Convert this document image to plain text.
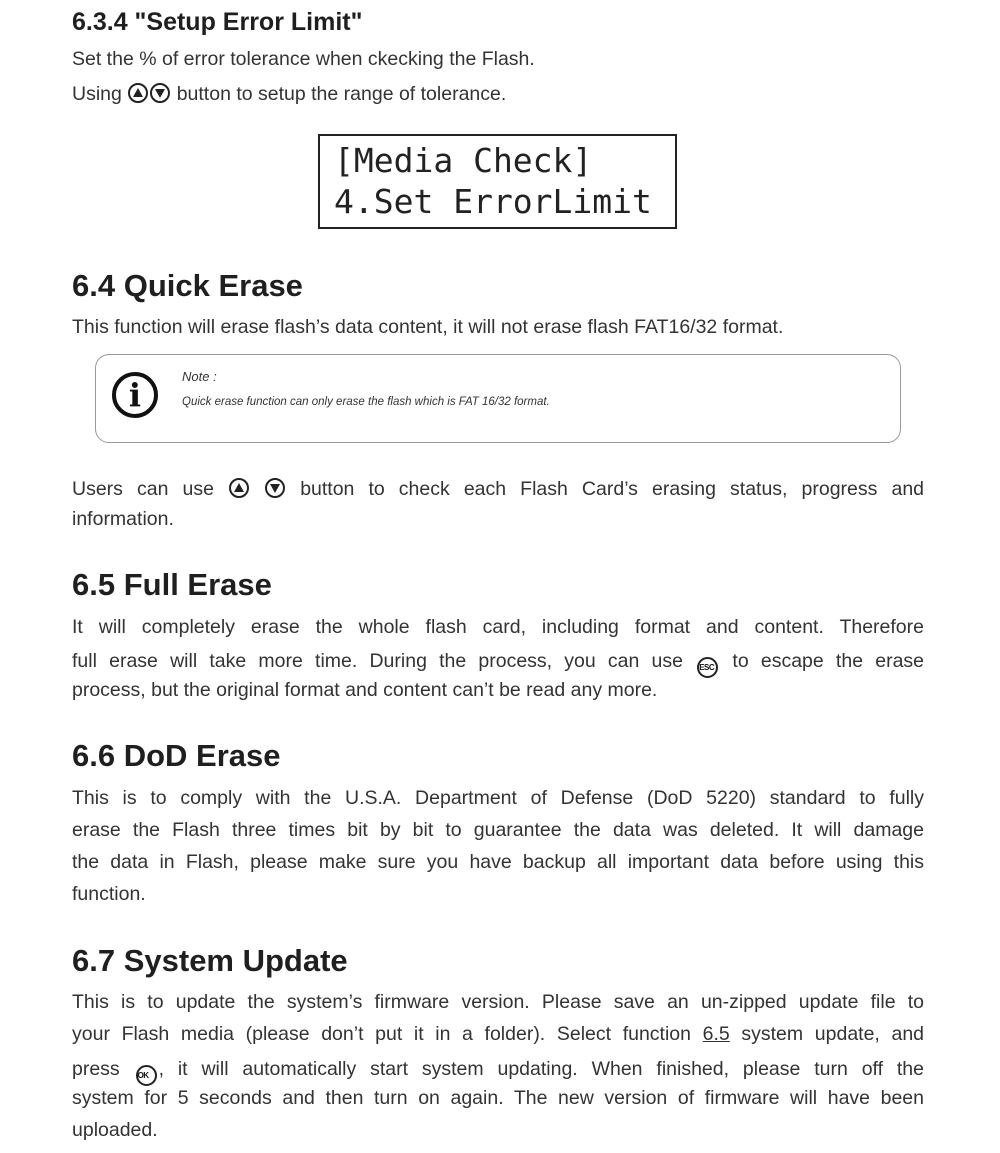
6.3.4 "Setup Error Limit"
Set the % of error tolerance when ckecking the Flash.
Using	button to setup the range of tolerance.
[Media Check]
4.Set ErrorLimit
6.4 Quick Erase
This function will erase flash’s data content, it will not erase flash FAT16/32 format.
i	Note :
Quick erase function can only erase the flash which is FAT 16/32 format.
Users can use
	button to check each Flash Card’s erasing status, progress and
information.
6.5 Full Erase
It will completely erase the whole flash card, including format and content. Therefore
full erase will take more time. During the process, you can use ESC to escape the erase
process, but the original format and content can’t be read any more.
6.6 DoD Erase
This is to comply with the U.S.A. Department of Defense (DoD 5220) standard to fully
erase the Flash three times bit by bit to guarantee the data was deleted. It will damage
the data in Flash, please make sure you have backup all important data before using this
function.
6.7 System Update
This is to update the system’s firmware version. Please save an un-zipped update file to
your Flash media (please don’t put it in a folder). Select function 6.5 system update, and
press OK , it will automatically start system updating. When finished, please turn off the
system for 5 seconds and then turn on again. The new version of firmware will have been
uploaded.
